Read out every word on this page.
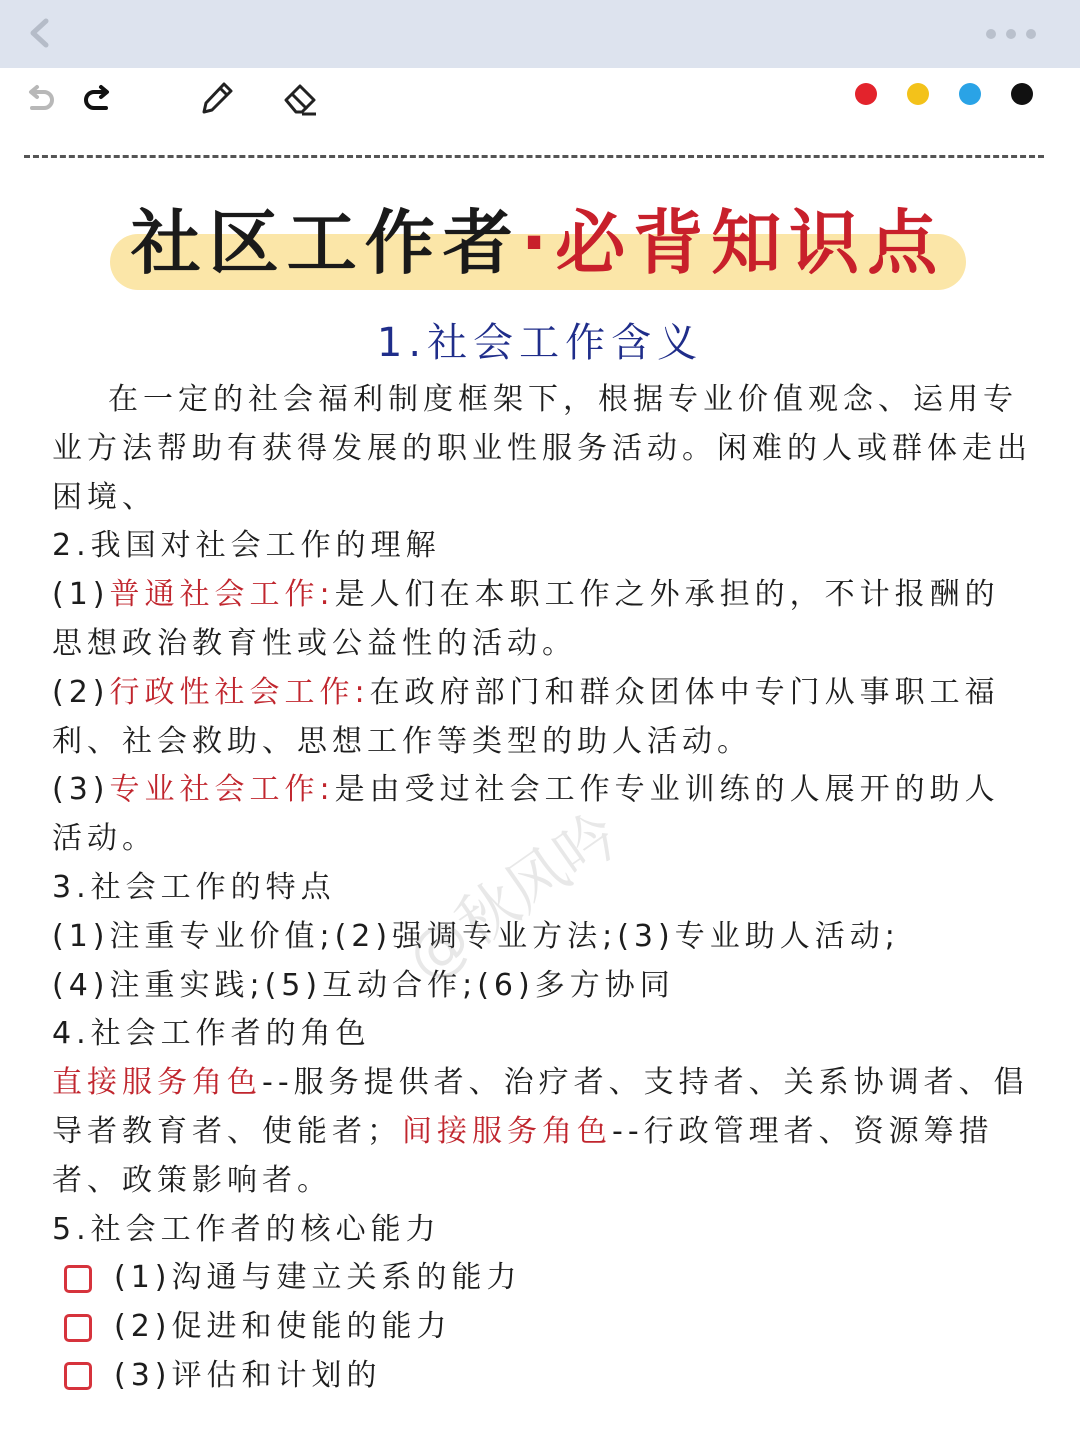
社区工作者·必背知识点
1.社会工作含义

在一定的社会福利制度框架下，根据专业价值观念、运用专业方法帮助有获得发展的职业性服务活动。闲难的人或群体走出困境、

2.我国对社会工作的理解

(1)普通社会工作:是人们在本职工作之外承担的，不计报酬的思想政治教育性或公益性的活动。

(2)行政性社会工作:在政府部门和群众团体中专门从事职工福利、社会救助、思想工作等类型的助人活动。

(3)专业社会工作:是由受过社会工作专业训练的人展开的助人活动。

3.社会工作的特点

(1)注重专业价值;(2)强调专业方法;(3)专业助人活动;

(4)注重实践;(5)互动合作;(6)多方协同

4.社会工作者的角色

直接服务角色--服务提供者、治疗者、支持者、关系协调者、倡导者教育者、使能者；间接服务角色--行政管理者、资源筹措者、政策影响者。

5.社会工作者的核心能力

(1)沟通与建立关系的能力
(2)促进和使能的能力
(3)评估和计划的
@秋风吟
